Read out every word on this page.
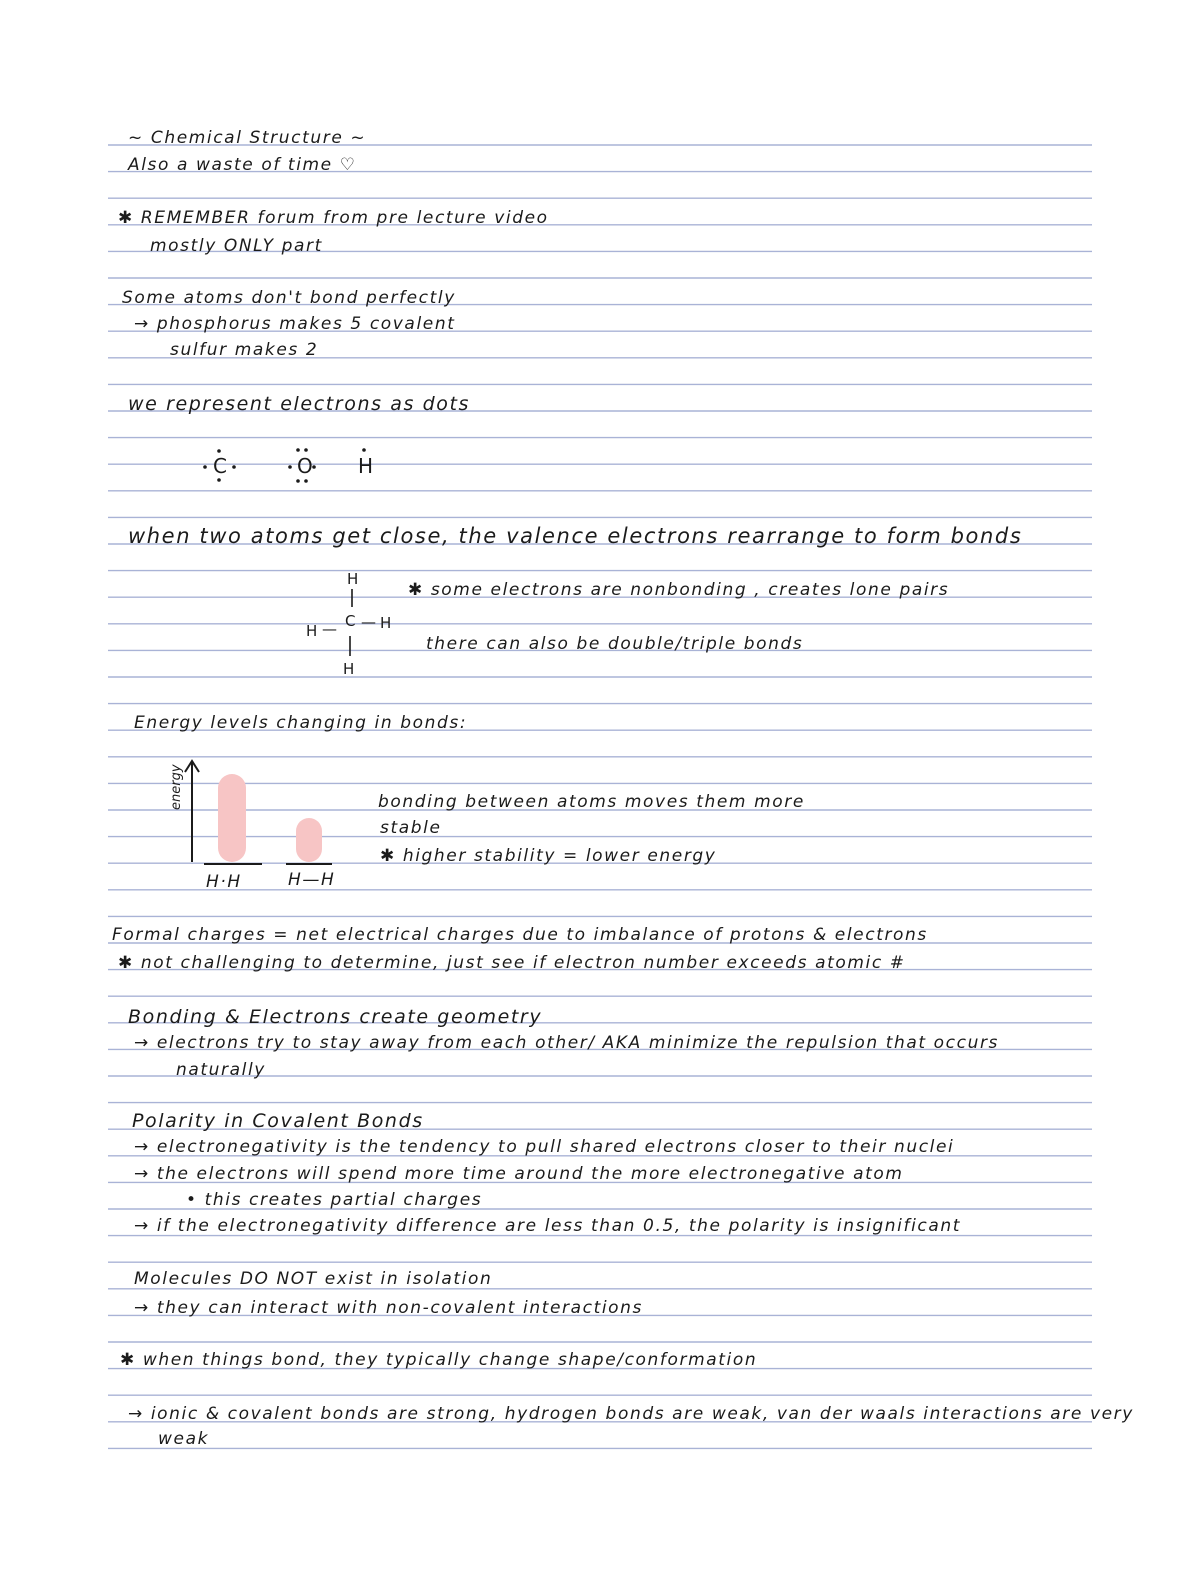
~ Chemical Structure ~
Also a waste of time ♡
✱ REMEMBER forum from pre lecture video
mostly ONLY part
Some atoms don't bond perfectly
→ phosphorus makes 5 covalent
sulfur makes 2
we represent electrons as dots
C	O H
when two atoms get close, the valence electrons rearrange to form bonds
H
H — C — H
H
✱ some electrons are nonbonding , creates lone pairs
there can also be double/triple bonds
Energy levels changing in bonds:
energy
H·H	H—H
bonding between atoms moves them more
stable
✱ higher stability = lower energy
Formal charges = net electrical charges due to imbalance of protons & electrons
✱ not challenging to determine, just see if electron number exceeds atomic #
Bonding & Electrons create geometry
→ electrons try to stay away from each other/ AKA minimize the repulsion that occurs
naturally
Polarity in Covalent Bonds
→ electronegativity is the tendency to pull shared electrons closer to their nuclei
→ the electrons will spend more time around the more electronegative atom
• this creates partial charges
→ if the electronegativity difference are less than 0.5, the polarity is insignificant
Molecules DO NOT exist in isolation
→ they can interact with non-covalent interactions
✱ when things bond, they typically change shape/conformation
→ ionic & covalent bonds are strong, hydrogen bonds are weak, van der waals interactions are very
weak
